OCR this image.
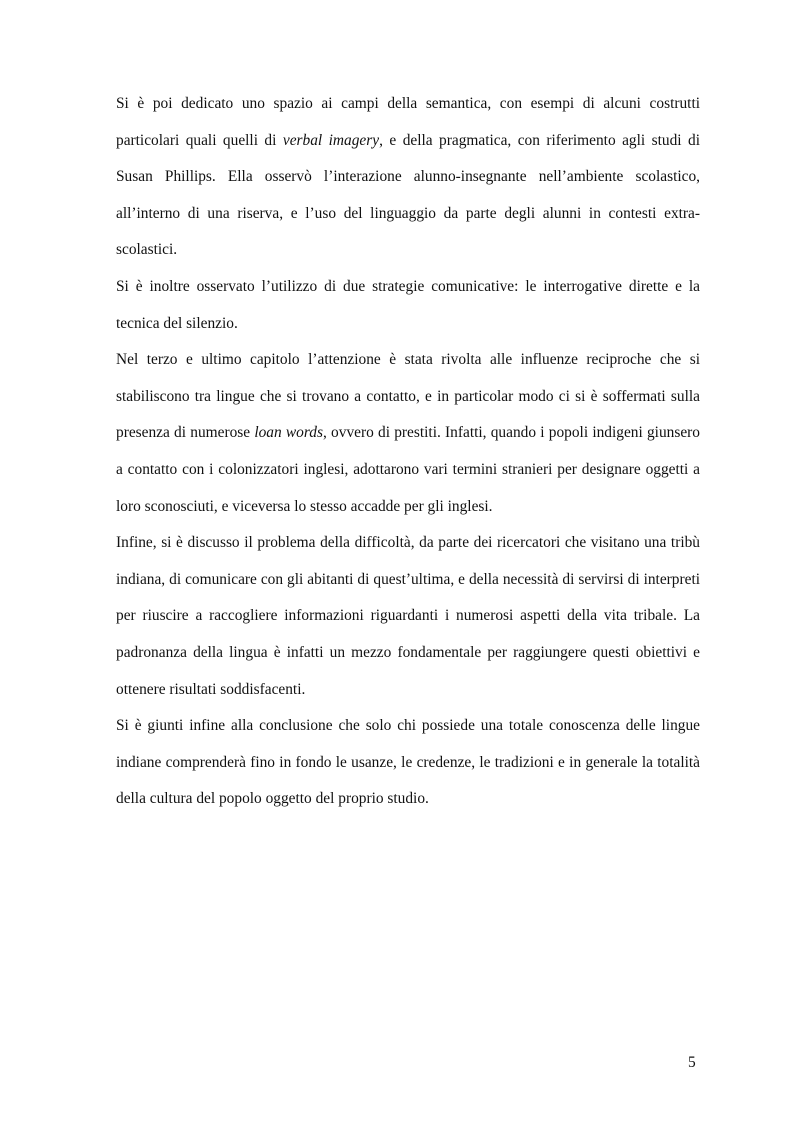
Si è poi dedicato uno spazio ai campi della semantica, con esempi di alcuni costrutti particolari quali quelli di verbal imagery, e della pragmatica, con riferimento agli studi di Susan Phillips. Ella osservò l’interazione alunno-insegnante nell’ambiente scolastico, all’interno di una riserva, e l’uso del linguaggio da parte degli alunni in contesti extra-scolastici.

Si è inoltre osservato l’utilizzo di due strategie comunicative: le interrogative dirette e la tecnica del silenzio.

Nel terzo e ultimo capitolo l’attenzione è stata rivolta alle influenze reciproche che si stabiliscono tra lingue che si trovano a contatto, e in particolar modo ci si è soffermati sulla presenza di numerose loan words, ovvero di prestiti. Infatti, quando i popoli indigeni giunsero a contatto con i colonizzatori inglesi, adottarono vari termini stranieri per designare oggetti a loro sconosciuti, e viceversa lo stesso accadde per gli inglesi.

Infine, si è discusso il problema della difficoltà, da parte dei ricercatori che visitano una tribù indiana, di comunicare con gli abitanti di quest’ultima, e della necessità di servirsi di interpreti per riuscire a raccogliere informazioni riguardanti i numerosi aspetti della vita tribale. La padronanza della lingua è infatti un mezzo fondamentale per raggiungere questi obiettivi e ottenere risultati soddisfacenti.

Si è giunti infine alla conclusione che solo chi possiede una totale conoscenza delle lingue indiane comprenderà fino in fondo le usanze, le credenze, le tradizioni e in generale la totalità della cultura del popolo oggetto del proprio studio.

5
